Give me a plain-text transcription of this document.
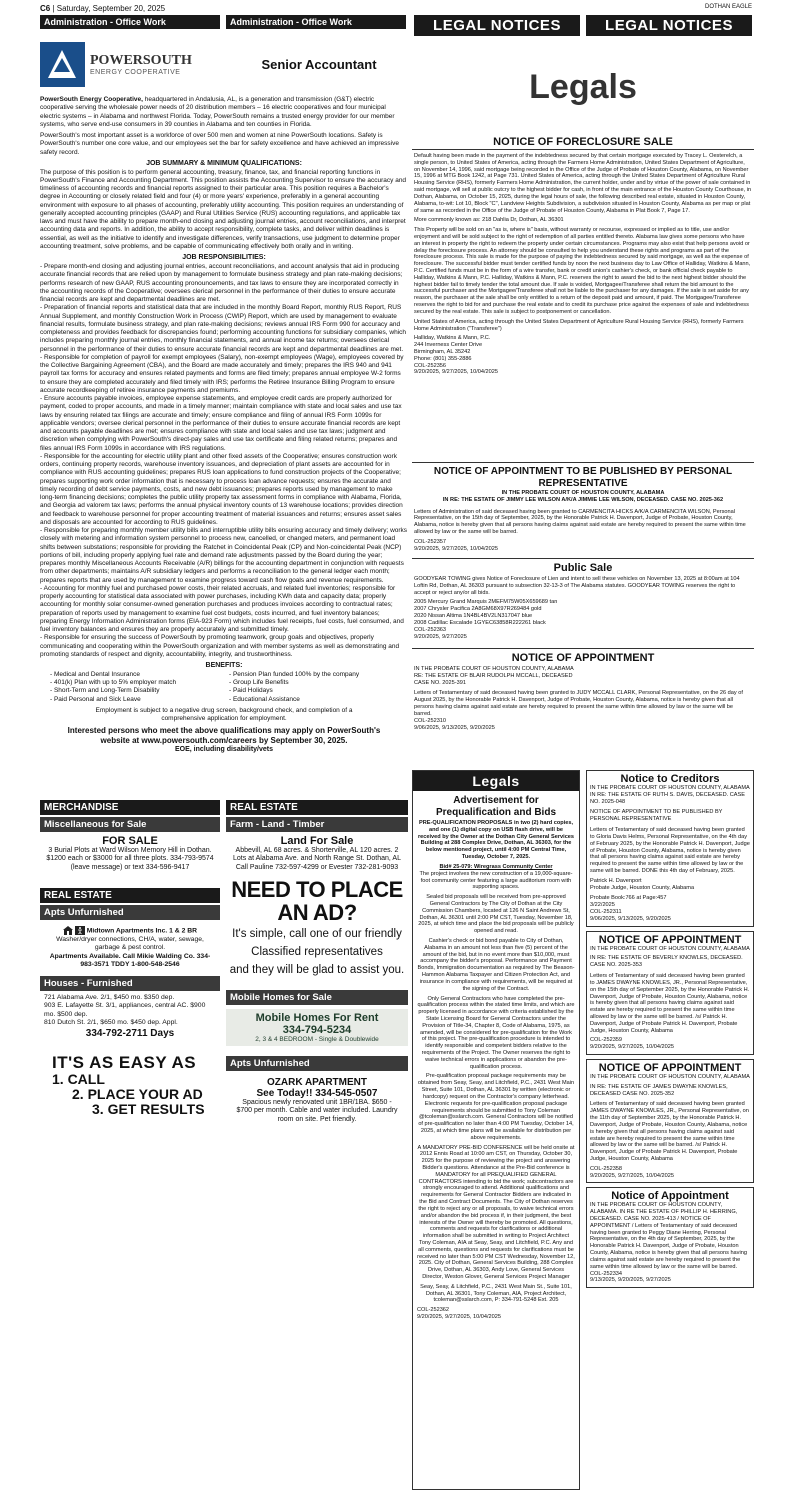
C6 | Saturday, September 20, 2025	DOTHAN EAGLE
Administration - Office Work	Administration - Office Work	LEGAL NOTICES	LEGAL NOTICES
POWERSOUTH
ENERGY COOPERATIVE
Senior Accountant

PowerSouth Energy Cooperative, headquartered in Andalusia, AL, is a generation and transmission (G&T) electric cooperative serving the wholesale power needs of 20 distribution members – 16 electric cooperatives and four municipal electric systems – in Alabama and northwest Florida. Today, PowerSouth remains a trusted energy provider for our member systems, who serve end-use consumers in 39 counties in Alabama and ten counties in Florida.

PowerSouth's most important asset is a workforce of over 500 men and women at nine PowerSouth locations. Safety is PowerSouth's number one core value, and our employees set the bar for safety excellence and have achieved an impressive safety record.

JOB SUMMARY & MINIMUM QUALIFICATIONS:

The purpose of this position is to perform general accounting, treasury, finance, tax, and financial reporting functions in PowerSouth's Finance and Accounting Department. This position assists the Accounting Supervisor to ensure the accuracy and timeliness of accounting records and financial reports assigned to their particular area. This position requires a Bachelor's degree in Accounting or closely related field and four (4) or more years' experience, preferably in a general accounting environment with exposure to all phases of accounting, preferably utility accounting. This position requires an understanding of generally accepted accounting principles (GAAP) and Rural Utilities Service (RUS) accounting regulations, and applicable tax laws and must have the ability to prepare month-end closing and adjusting journal entries, account reconciliations, and interpret accounting data and reports. In addition, the ability to accept responsibility, complete tasks, and deliver within deadlines is essential, as well as the initiative to identify and investigate differences, verify transactions, use judgment to determine proper accounting treatment, solve problems, and be capable of communicating effectively both orally and in writing.

JOB RESPONSIBILITIES:

- Prepare month-end closing and adjusting journal entries, account reconciliations, and account analysis that aid in producing accurate financial records that are relied upon by management to formulate business strategy and plan rate-making decisions; performs research of new GAAP, RUS accounting pronouncements, and tax laws to ensure they are incorporated correctly in the accounting records of the Cooperative; oversees clerical personnel in the performance of their duties to ensure accurate financial records are kept and departmental deadlines are met.

- Preparation of financial reports and statistical data that are included in the monthly Board Report, monthly RUS Report, RUS Annual Supplement, and monthly Construction Work in Process (CWIP) Report, which are used by management to evaluate financial results, formulate business strategy, and plan rate-making decisions; reviews annual IRS Form 990 for accuracy and completeness and provides feedback for discrepancies found; performing accounting functions for subsidiary companies, which includes preparing monthly journal entries, monthly financial statements, and annual income tax returns; oversees clerical personnel in the performance of their duties to ensure accurate financial records are kept and departmental deadlines are met.

- Responsible for completion of payroll for exempt employees (Salary), non-exempt employees (Wage), employees covered by the Collective Bargaining Agreement (CBA), and the Board are made accurately and timely; prepares the IRS 940 and 941 payroll tax forms for accuracy and ensures related payments and forms are filed timely; prepares annual employee W-2 forms to ensure they are completed accurately and filed timely with IRS; performs the Retiree Insurance Billing Program to ensure accurate recordkeeping of retiree insurance payments and premiums.

- Ensure accounts payable invoices, employee expense statements, and employee credit cards are properly authorized for payment, coded to proper accounts, and made in a timely manner; maintain compliance with state and local sales and use tax laws by ensuring related tax filings are accurate and timely; ensure compliance and filing of annual IRS Form 1099s for applicable vendors; oversee clerical personnel in the performance of their duties to ensure accurate financial records are kept and accounts payable deadlines are met; ensures compliance with state and local sales and use tax laws; judgment and discretion when complying with PowerSouth's direct-pay sales and use tax certificate and filing related returns; prepares and files annual IRS Form 1099s in accordance with IRS regulations.

- Responsible for the accounting for electric utility plant and other fixed assets of the Cooperative; ensures construction work orders, continuing property records, warehouse inventory issuances, and depreciation of plant assets are accounted for in compliance with RUS accounting guidelines; prepares RUS loan applications to fund construction projects of the Cooperative; prepares supporting work order information that is necessary to process loan advance requests; ensures the accurate and timely recording of debt service payments, costs, and new debt issuances; prepares reports used by management to make long-term financing decisions; completes the public utility property tax assessment forms in compliance with Alabama, Florida, and Georgia ad valorem tax laws; performs the annual physical inventory counts of 13 warehouse locations; provides direction and feedback to warehouse personnel for proper accounting treatment of material issuances and returns; ensures asset sales and disposals are accounted for according to RUS guidelines.

- Responsible for preparing monthly member utility bills and interruptible utility bills ensuring accuracy and timely delivery; works closely with metering and information system personnel to process new, cancelled, or changed meters, and permanent load shifts between substations; responsible for providing the Ratchet in Coincidental Peak (CP) and Non-coincidental Peak (NCP) portions of bill, including properly applying fuel rate and demand rate adjustments passed by the Board during the year; prepares monthly Miscellaneous Accounts Receivable (A/R) billings for the accounting department in conjunction with requests from other departments; maintains A/R subsidiary ledgers and performs a reconciliation to the general ledger each month; prepares reports that are used by management to examine progress toward cash flow goals and revenue requirements.

- Accounting for monthly fuel and purchased power costs, their related accruals, and related fuel inventories; responsible for properly accounting for statistical data associated with power purchases, including KWh data and capacity data; properly accounting for monthly solar consumer-owned generation purchases and produces invoices according to contractual rates; preparation of reports used by management to examine fuel cost budgets, costs incurred, and fuel inventory balances; preparing Energy Information Administration forms (EIA-923 Form) which includes fuel receipts, fuel costs, fuel consumed, and fuel inventory balances and ensures they are properly accurately and submitted timely.

- Responsible for ensuring the success of PowerSouth by promoting teamwork, group goals and objectives, properly communicating and cooperating within the PowerSouth organization and with member systems as well as demonstrating and promoting standards of respect and dignity, accountability, integrity, and trustworthiness.

BENEFITS:
- Medical and Dental Insurance
- 401(k) Plan with up to 5% employer match
- Short-Term and Long-Term Disability
- Paid Personal and Sick Leave
- Pension Plan funded 100% by the company
- Group Life Benefits
- Paid Holidays
- Educational Assistance

Employment is subject to a negative drug screen, background check, and completion of a comprehensive application for employment.

Interested persons who meet the above qualifications may apply on PowerSouth's website at www.powersouth.com/careers by September 30, 2025.
EOE, including disability/vets
MERCHANDISE
Miscellaneous for Sale
FOR SALE
3 Burial Plots at Ward Wilson Memory Hill in Dothan. $1200 each or $3000 for all three plots. 334-793-9574 (leave message) or text 334-596-9417
REAL ESTATE
Apts Unfurnished
Midtown Apartments Inc. 1 & 2 BR
Washer/dryer connections, CH/A, water, sewage, garbage & pest control.
Apartments Available. Call Mikie Walding Co. 334-983-3571 TDDY 1-800-548-2546
Houses - Furnished
721 Alabama Ave. 2/1, $450 mo. $350 dep.
903 E. Lafayette St. 3/1, appliances, central AC. $900 mo. $500 dep.
810 Dutch St. 2/1, $650 mo. $450 dep. Appl.
334-792-2711 Days
IT'S AS EASY AS
1. CALL
2. PLACE YOUR AD
3. GET RESULTS
REAL ESTATE
Farm - Land - Timber
Land For Sale
Abbevill, AL 68 acres. & Shorterville, AL 120 acres. 2 Lots at Alabama Ave. and North Range St. Dothan, AL Call Pauline 732-597-4299 or Evester 732-281-9093
NEED TO PLACE AN AD?
It's simple, call one of our friendly
Classified representatives
and they will be glad to assist you.
Mobile Homes for Sale
Mobile Homes For Rent
334-794-5234
2, 3 & 4 BEDROOM - Single & Doublewide
Apts Unfurnished
OZARK APARTMENT
See Today!! 334-545-0507
Spacious newly renovated unit 1BR/1BA. $650 - $700 per month. Cable and water included. Laundry room on site. Pet friendly.
Legals
NOTICE OF FORECLOSURE SALE

Default having been made in the payment of the indebtedness secured by that certain mortgage executed by Tracey L. Oesterelch, a single person, to United States of America, acting through the Farmers Home Administration, United States Department of Agriculture, on November 14, 1996, said mortgage being recorded in the Office of the Judge of Probate of Houston County, Alabama, on November 15, 1996 at MTG Book 1242, at Page 731. United States of America, acting through the United States Department of Agriculture Rural Housing Service (RHS), formerly Farmers Home Administration, the current holder, under and by virtue of the power of sale contained in said mortgage, will sell at public outcry to the highest bidder for cash, in front of the main entrance of the Houston County Courthouse, in Dothan, Alabama, on October 15, 2025, during the legal hours of sale, the following described real estate, situated in Houston County, Alabama, to-wit: Lot 10, Block "C", Landview Heights Subdivision, a subdivision situated in Houston County, Alabama as per map or plat of same as recorded in the Office of the Judge of Probate of Houston County, Alabama in Plat Book 7, Page 17.

More commonly known as: 218 Dahlia Dr, Dothan, AL 36301

This Property will be sold on an "as is, where is" basis, without warranty or recourse, expressed or implied as to title, use and/or enjoyment and will be sold subject to the right of redemption of all parties entitled thereto. Alabama law gives some persons who have an interest in property the right to redeem the property under certain circumstances. Programs may also exist that help persons avoid or delay the foreclosure process. An attorney should be consulted to help you understand these rights and programs as part of the foreclosure process. This sale is made for the purpose of paying the indebtedness secured by said mortgage, as well as the expense of foreclosure. The successful bidder must tender certified funds by noon the next business day to Law Office of Halliday, Watkins & Mann, P.C. Certified funds must be in the form of a wire transfer, bank or credit union's cashier's check, or bank official check payable to Halliday, Watkins & Mann, P.C. Halliday, Watkins & Mann, P.C. reserves the right to award the bid to the next highest bidder should the highest bidder fail to timely tender the total amount due. If sale is voided, Mortgagee/Transferee shall return the bid amount to the successful purchaser and the Mortgagee/Transferee shall not be liable to the purchaser for any damages. If the sale is set aside for any reason, the purchaser at the sale shall be only entitled to a return of the deposit paid and amount, if paid. The Mortgagee/Transferee reserves the right to bid for and purchase the real estate and to credit its purchase price against the expenses of sale and indebtedness secured by the real estate. This sale is subject to postponement or cancellation.

United States of America, acting through the United States Department of Agriculture Rural Housing Service (RHS), formerly Farmers Home Administration ("Transferee")

Halliday, Watkins & Mann, P.C.
244 Inverness Center Drive
Birmingham, AL 35242
Phone: (801) 355-2886
COL-252356
9/20/2025, 9/27/2025, 10/04/2025
NOTICE OF APPOINTMENT TO BE PUBLISHED BY PERSONAL REPRESENTATIVE
IN THE PROBATE COURT OF HOUSTON COUNTY, ALABAMA
IN RE: THE ESTATE OF JIMMY LEE WILSON A/K/A JIMMIE LEE WILSON, DECEASED. CASE NO. 2025-362

Letters of Administration of said deceased having been granted to CARMENCITA HICKS A/K/A CARMENCITA WILSON, Personal Representative, on the 15th day of September, 2025, by the Honorable Patrick H. Davenport, Judge of Probate, Houston County, Alabama, notice is hereby given that all persons having claims against said estate are hereby required to present the same within time allowed by law or the same will be barred.

COL-252357
9/20/2025, 9/27/2025, 10/04/2025
Public Sale

GOODYEAR TOWING gives Notice of Foreclosure of Lien and intent to sell these vehicles on November 13, 2025 at 8:00am at 104 Loftin Rd, Dothan, AL 36303 pursuant to subsection 32-13-3 of The Alabama statutes. GOODYEAR TOWING reserves the right to accept or reject any/or all bids.

2005 Mercury Grand Marquis 2MEFM75W05X659689 tan
2007 Chrysler Pacifica 2A8GM68X97R269484 gold
2020 Nissan Altima 1N4BL4BV2LN317047 blue
2008 Cadillac Escalade 1GYEC63858R222261 black
COL-252363
9/20/2025, 9/27/2025
NOTICE OF APPOINTMENT
IN THE PROBATE COURT OF HOUSTON COUNTY, ALABAMA
RE: THE ESTATE OF BLAIR RUDOLPH MCCALL, DECEASED
CASE NO. 2025-391

Letters of Testamentary of said deceased having been granted to JUDY MCCALL CLARK, Personal Representative, on the 26 day of August 2025, by the Honorable Patrick H. Davenport, Judge of Probate, Houston County, Alabama, notice is hereby given that all persons having claims against said estate are hereby required to present the same within time allowed by law or the same will be barred.

COL-252310
9/06/2025, 9/13/2025, 9/20/2025
Legals
Advertisement for Prequalification and Bids

PRE-QUALIFICATION PROPOSALS in two (2) hard copies, and one (1) digital copy on USB flash drive, will be received by the Owner at the Dothan City General Services Building at 288 Complex Drive, Dothan, AL 36303, for the below mentioned project, until 4:00 PM Central Time, Tuesday, October 7, 2025.

Bid# 25-079: Wiregrass Community Center

The project involves the new construction of a 19,000-square-foot community center featuring a large auditorium room with supporting spaces.

Sealed bid proposals will be received from pre-approved General Contractors by The City of Dothan at the City Commission Chambers, located at 126 N Saint Andrews St, Dothan, AL 36301 until 2:00 PM CST, Tuesday, November 18, 2025, at which time and place the bid proposals will be publicly opened and read.

Cashier's check or bid bond payable to City of Dothan, Alabama in an amount not less than five (5) percent of the amount of the bid, but in no event more than $10,000, must accompany the bidder's proposal. Performance and Payment Bonds, Immigration documentation as required by The Beason-Hammon Alabama Taxpayer and Citizen Protection Act, and insurance in compliance with requirements, will be required at the signing of the Contract.

Only General Contractors who have completed the pre-qualification process within the stated time limits, and which are properly licensed in accordance with criteria established by the State Licensing Board for General Contractors under the Provision of Title-34, Chapter 8, Code of Alabama, 1975, as amended, will be considered for pre-qualification for the Work of this project. The pre-qualification procedure is intended to identify responsible and competent bidders relative to the requirements of the Project. The Owner reserves the right to waive technical errors in applications or abandon the pre-qualification process.

Pre-qualification proposal package requirements may be obtained from Seay, Seay, and Litchfield, P.C., 2431 West Main Street, Suite 101, Dothan, AL 36301 by written (electronic or hardcopy) request on the Contractor's company letterhead. Electronic requests for pre-qualification proposal package requirements should be submitted to Tony Coleman @tcoleman@sslarch.com. General Contractors will be notified of pre-qualification no later than 4:00 PM Tuesday, October 14, 2025, at which time plans will be available for distribution per above requirements.

A MANDATORY PRE-BID CONFERENCE will be held onsite at 2012 Ennis Road at 10:00 am CST, on Thursday, October 30, 2025 for the purpose of reviewing the project and answering Bidder's questions. Attendance at the Pre-Bid conference is MANDATORY for all PREQUALIFIED GENERAL CONTRACTORS intending to bid the work; subcontractors are strongly encouraged to attend. Additional qualifications and requirements for General Contractor Bidders are indicated in the Bid and Contract Documents. The City of Dothan reserves the right to reject any or all proposals, to waive technical errors and/or abandon the bid process if, in their judgment, the best interests of the Owner will thereby be promoted. All questions, comments and requests for clarifications or additional information shall be submitted in writing to Project Architect Tony Coleman, AIA at Seay, Seay, and Litchfield, P.C. Any and all comments, questions and requests for clarifications must be received no later than 5:00 PM CST Wednesday, November 12, 2025. City of Dothan, General Services Building, 288 Complex Drive, Dothan, AL 36303, Andy Love, General Services Director, Weston Glover, General Services Project Manager

Seay, Seay, & Litchfield, P.C., 2431 West Main St., Suite 101, Dothan, AL 36301, Tony Coleman, AIA, Project Architect, tcoleman@sslarch.com, P: 334-791-5248 Ext. 205

COL-252362
9/20/2025, 9/27/2025, 10/04/2025
Notice to Creditors
IN THE PROBATE COURT OF HOUSTON COUNTY, ALABAMA
IN RE: THE ESTATE OF RUTH S. DAVIS, DECEASED. CASE NO. 2025-048
NOTICE OF APPOINTMENT TO BE PUBLISHED BY PERSONAL REPRESENTATIVE

Letters of Testamentary of said deceased having been granted to Gloria Davis Helms, Personal Representative, on the 4th day of February 2025, by the Honorable Patrick H. Davenport, Judge of Probate, Houston County, Alabama, notice is hereby given that all persons having claims against said estate are hereby required to present the same within time allowed by law or the same will be barred. DONE this 4th day of February, 2025.

Patrick H. Davenport
Probate Judge, Houston County, Alabama
Probate Book:766 at Page:457
3/22/2025
COL-252311
9/06/2025, 9/13/2025, 9/20/2025
NOTICE OF APPOINTMENT
IN THE PROBATE COURT OF HOUSTON COUNTY, ALABAMA
IN RE: THE ESTATE OF BEVERLY KNOWLES, DECEASED. CASE NO. 2025-353

Letters of Testamentary of said deceased having been granted to JAMES DWAYNE KNOWLES, JR., Personal Representative, on the 15th day of September 2025, by the Honorable Patrick H. Davenport, Judge of Probate, Houston County, Alabama, notice is hereby given that all persons having claims against said estate are hereby required to present the same within time allowed by law or the same will be barred. /s/ Patrick H. Davenport, Judge of Probate Patrick H. Davenport, Probate Judge, Houston County, Alabama

COL-252359
9/20/2025, 9/27/2025, 10/04/2025
NOTICE OF APPOINTMENT
IN THE PROBATE COURT OF HOUSTON COUNTY, ALABAMA
IN RE: THE ESTATE OF JAMES DWAYNE KNOWLES, DECEASED CASE NO. 2025-352

Letters of Testamentary of said deceased having been granted JAMES DWAYNE KNOWLES, JR., Personal Representative, on the 11th day of September 2025, by the Honorable Patrick H. Davenport, Judge of Probate, Houston County, Alabama, notice is hereby given that all persons having claims against said estate are hereby required to present the same within time allowed by law or the same will be barred. /s/ Patrick H. Davenport, Judge of Probate Patrick H. Davenport, Probate Judge, Houston County, Alabama

COL-252358
9/20/2025, 9/27/2025, 10/04/2025
Notice of Appointment

IN THE PROBATE COURT OF HOUSTON COUNTY, ALABAMA. IN RE THE ESTATE OF PHILLIP H. HERRING, DECEASED. CASE NO. 2025-413 / NOTICE OF APPOINTMENT / Letters of Testamentary of said deceased having been granted to Peggy Diane Herring, Personal Representative, on the 4th day of September, 2025, by the Honorable Patrick H. Davenport, Judge of Probate, Houston County, Alabama, notice is hereby given that all persons having claims against said estate are hereby required to present the same within time allowed by law or the same will be barred.

COL-252334
9/13/2025, 9/20/2025, 9/27/2025
